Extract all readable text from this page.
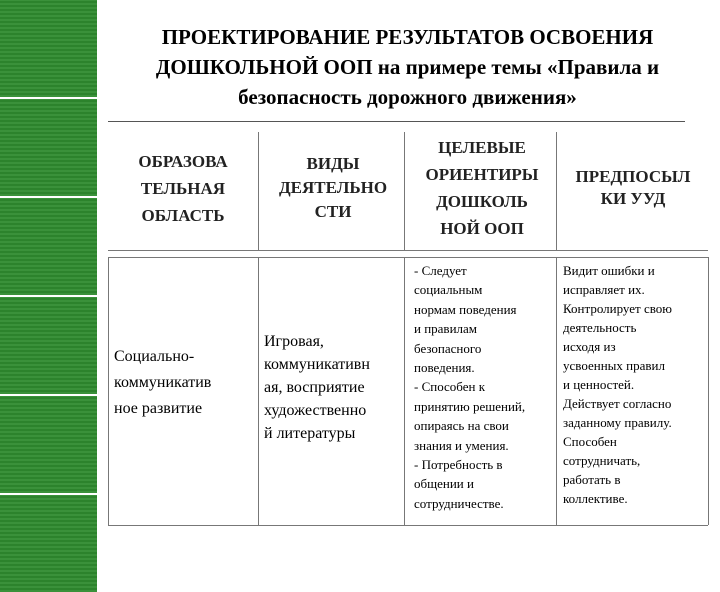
ПРОЕКТИРОВАНИЕ РЕЗУЛЬТАТОВ ОСВОЕНИЯ
ДОШКОЛЬНОЙ ООП на примере темы «Правила и
безопасность дорожного движения»
ОБРАЗОВА
ТЕЛЬНАЯ
ОБЛАСТЬ
ВИДЫ
ДЕЯТЕЛЬНО
СТИ
ЦЕЛЕВЫЕ
ОРИЕНТИРЫ
ДОШКОЛЬ
НОЙ ООП
ПРЕДПОСЫЛ
КИ УУД
Социально-
коммуникатив
ное развитие
Игровая,
коммуникативн
ая, восприятие
художественно
й литературы
- Следует
социальным
нормам поведения
и правилам
безопасного
поведения.
- Способен к
принятию решений,
опираясь на свои
знания и умения.
- Потребность в
общении и
сотрудничестве.
Видит ошибки и
исправляет их.
Контролирует свою
деятельность
исходя из
усвоенных правил
и ценностей.
Действует согласно
заданному правилу.
Способен
сотрудничать,
работать в
коллективе.
